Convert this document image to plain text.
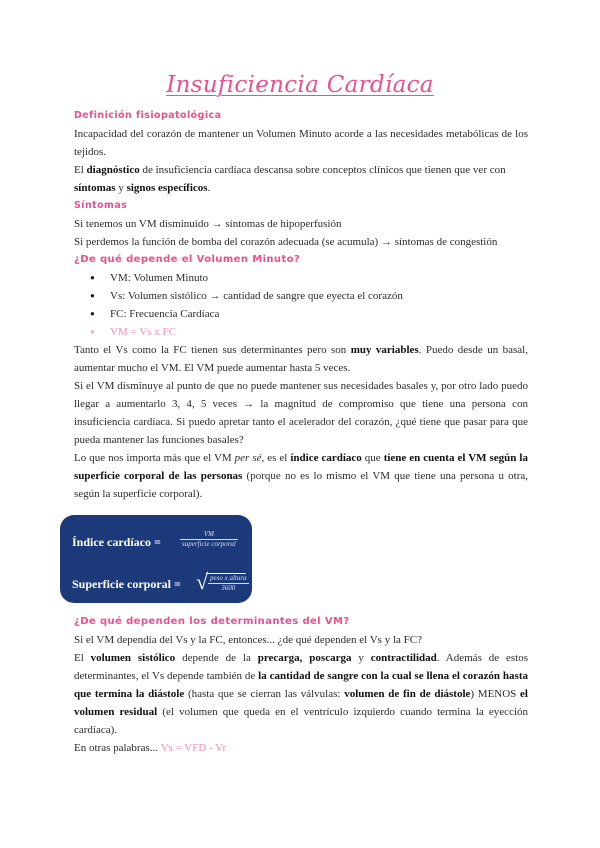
Insuficiencia Cardíaca
Definición fisiopatológica

Incapacidad del corazón de mantener un Volumen Minuto acorde a las necesidades metabólicas de los tejidos.

El diagnóstico de insuficiencia cardíaca descansa sobre conceptos clínicos que tienen que ver con síntomas y signos específicos.

Síntomas

Si tenemos un VM disminuido → síntomas de hipoperfusión

Si perdemos la función de bomba del corazón adecuada (se acumula) → síntomas de congestión

¿De qué depende el Volumen Minuto?
● VM: Volumen Minuto
● Vs: Volumen sistólico → cantidad de sangre que eyecta el corazón
● FC: Frecuencia Cardíaca
● VM = Vs x FC

Tanto el Vs como la FC tienen sus determinantes pero son muy variables. Puedo desde un basal, aumentar mucho el VM. El VM puede aumentar hasta 5 veces.

Si el VM disminuye al punto de que no puede mantener sus necesidades basales y, por otro lado puedo llegar a aumentarlo 3, 4, 5 veces → la magnitud de compromiso que tiene una persona con insuficiencia cardíaca. Si puedo apretar tanto el acelerador del corazón, ¿qué tiene que pasar para que pueda mantener las funciones basales?

Lo que nos importa más que el VM per sé, es el índice cardíaco que tiene en cuenta el VM según la superficie corporal de las personas (porque no es lo mismo el VM que tiene una persona u otra, según la superficie corporal).

Índice cardíaco =
VM
superficie corporal
Superficie corporal = √ peso x altura
3600
¿De qué dependen los determinantes del VM?

Si el VM dependía del Vs y la FC, entonces... ¿de qué dependen el Vs y la FC?

El volumen sistólico depende de la precarga, poscarga y contractilidad. Además de estos determinantes, el Vs depende también de la cantidad de sangre con la cual se llena el corazón hasta que termina la diástole (hasta que se cierran las válvulas: volumen de fin de diástole) MENOS el volumen residual (el volumen que queda en el ventrículo izquierdo cuando termina la eyección cardíaca).

En otras palabras... Vs = VFD - Vr
